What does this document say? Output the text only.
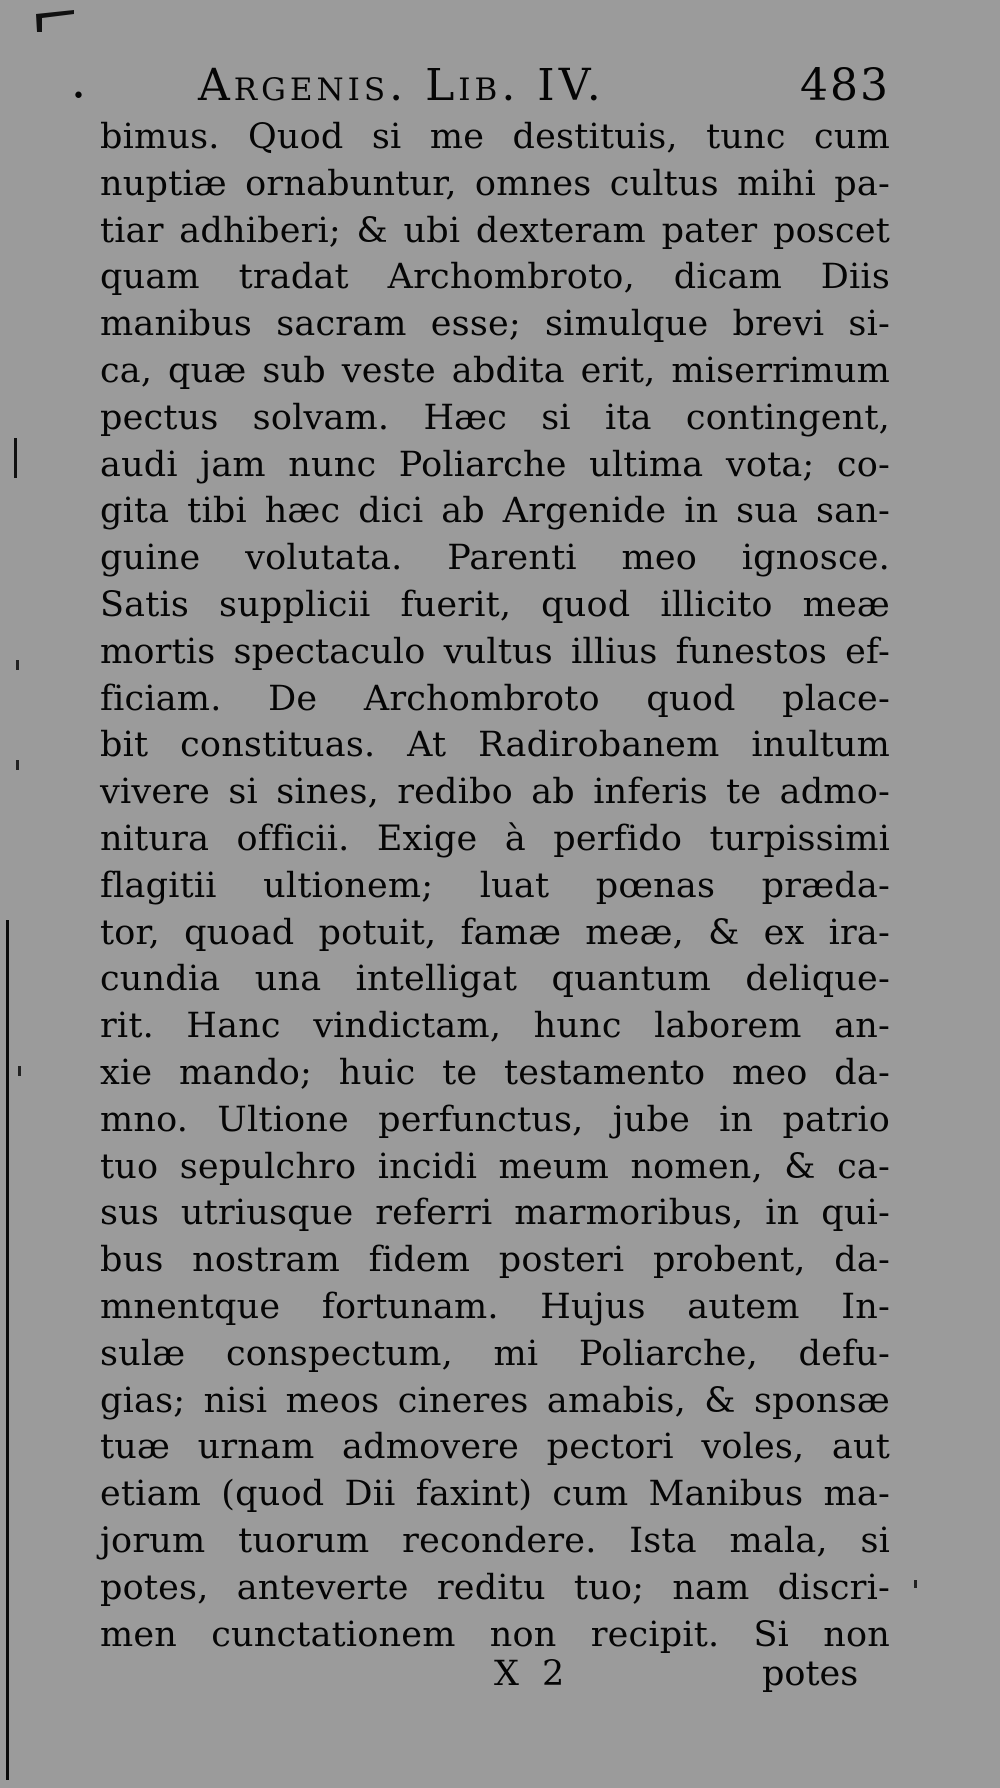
•	Argenis. Lib. IV.	483
bimus. Quod si me destituis, tunc cum
nuptiæ ornabuntur, omnes cultus mihi pa-
tiar adhiberi; & ubi dexteram pater poscet
quam tradat Archombroto, dicam Diis
manibus sacram esse; simulque brevi si-
ca, quæ sub veste abdita erit, miserrimum
pectus solvam. Hæc si ita contingent,
audi jam nunc Poliarche ultima vota; co-
gita tibi hæc dici ab Argenide in sua san-
guine volutata. Parenti meo ignosce.
Satis supplicii fuerit, quod illicito meæ
mortis spectaculo vultus illius funestos ef-
ficiam. De Archombroto quod place-
bit constituas. At Radirobanem inultum
vivere si sines, redibo ab inferis te admo-
nitura officii. Exige à perfido turpissimi
flagitii ultionem; luat pœnas præda-
tor, quoad potuit, famæ meæ, & ex ira-
cundia una intelligat quantum delique-
rit. Hanc vindictam, hunc laborem an-
xie mando; huic te testamento meo da-
mno. Ultione perfunctus, jube in patrio
tuo sepulchro incidi meum nomen, & ca-
sus utriusque referri marmoribus, in qui-
bus nostram fidem posteri probent, da-
mnentque fortunam. Hujus autem In-
sulæ conspectum, mi Poliarche, defu-
gias; nisi meos cineres amabis, & sponsæ
tuæ urnam admovere pectori voles, aut
etiam (quod Dii faxint) cum Manibus ma-
jorum tuorum recondere. Ista mala, si
potes, anteverte reditu tuo; nam discri-
men cunctationem non recipit. Si non
X 2	potes
